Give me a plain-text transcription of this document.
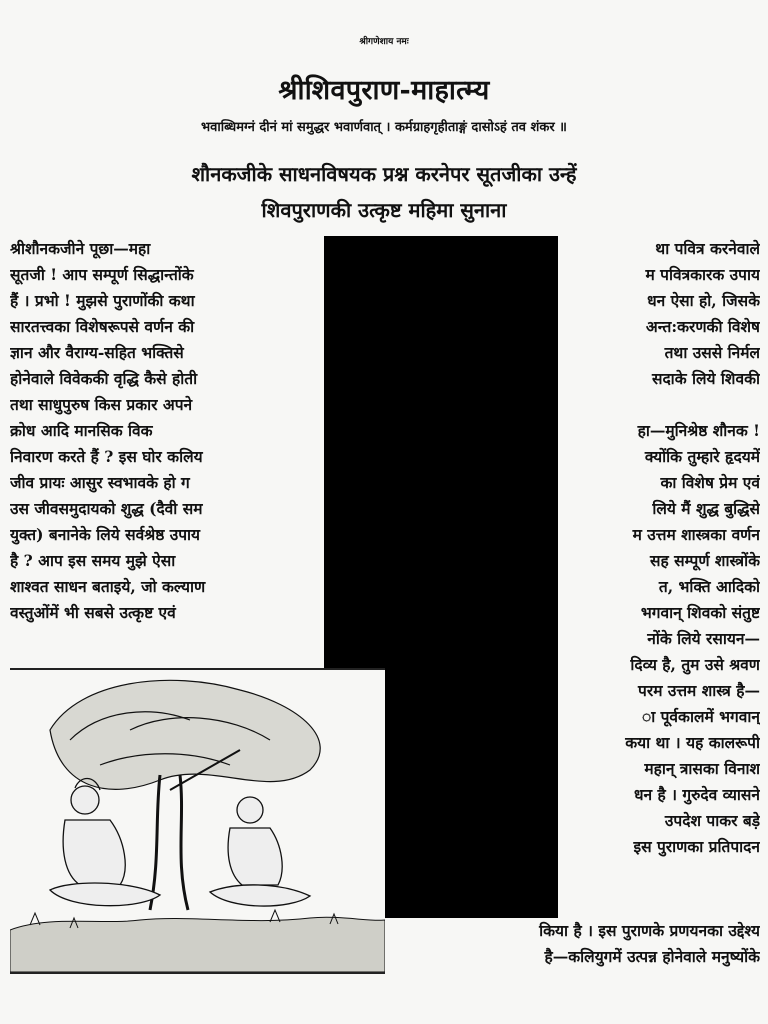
श्रीगणेशाय नमः
श्रीशिवपुराण-माहात्म्य
भवाब्धिमग्नं दीनं मां समुद्धर भवार्णवात् । कर्मग्राहगृहीताङ्गं दासोऽहं तव शंकर ॥
शौनकजीके साधनविषयक प्रश्न करनेपर सूतजीका उन्हें
शिवपुराणकी उत्कृष्ट महिमा सुनाना
श्रीशौनकजीने पूछा—महा
सूतजी ! आप सम्पूर्ण सिद्धान्तोंके
हैं । प्रभो ! मुझसे पुराणोंकी कथा
सारतत्त्वका विशेषरूपसे वर्णन की
ज्ञान और वैराग्य-सहित भक्तिसे
होनेवाले विवेककी वृद्धि कैसे होती
तथा साधुपुरुष किस प्रकार अपने
क्रोध आदि मानसिक विक
निवारण करते हैं ? इस घोर कलिय
जीव प्रायः आसुर स्वभावके हो ग
उस जीवसमुदायको शुद्ध (दैवी सम
युक्त) बनानेके लिये सर्वश्रेष्ठ उपाय
है ? आप इस समय मुझे ऐसा
शाश्वत साधन बताइये, जो कल्याण
वस्तुओंमें भी सबसे उत्कृष्ट एवं
था पवित्र करनेवाले
म पवित्रकारक उपाय
धन ऐसा हो, जिसके
अन्त:करणकी विशेष
तथा उससे निर्मल
सदाके लिये शिवकी
हा—मुनिश्रेष्ठ शौनक !
क्योंकि तुम्हारे हृदयमें
का विशेष प्रेम एवं
लिये मैं शुद्ध बुद्धिसे
म उत्तम शास्त्रका वर्णन
सह सम्पूर्ण शास्त्रोंके
त, भक्ति आदिको
भगवान् शिवको संतुष्ट
नोंके लिये रसायन—
दिव्य है, तुम उसे श्रवण
परम उत्तम शास्त्र है—
ा पूर्वकालमें भगवान्
कया था । यह कालरूपी
महान् त्रासका विनाश
धन है । गुरुदेव व्यासने
उपदेश पाकर बड़े
इस पुराणका प्रतिपादन
किया है । इस पुराणके प्रणयनका उद्देश्य
है—कलियुगमें उत्पन्न होनेवाले मनुष्योंके
